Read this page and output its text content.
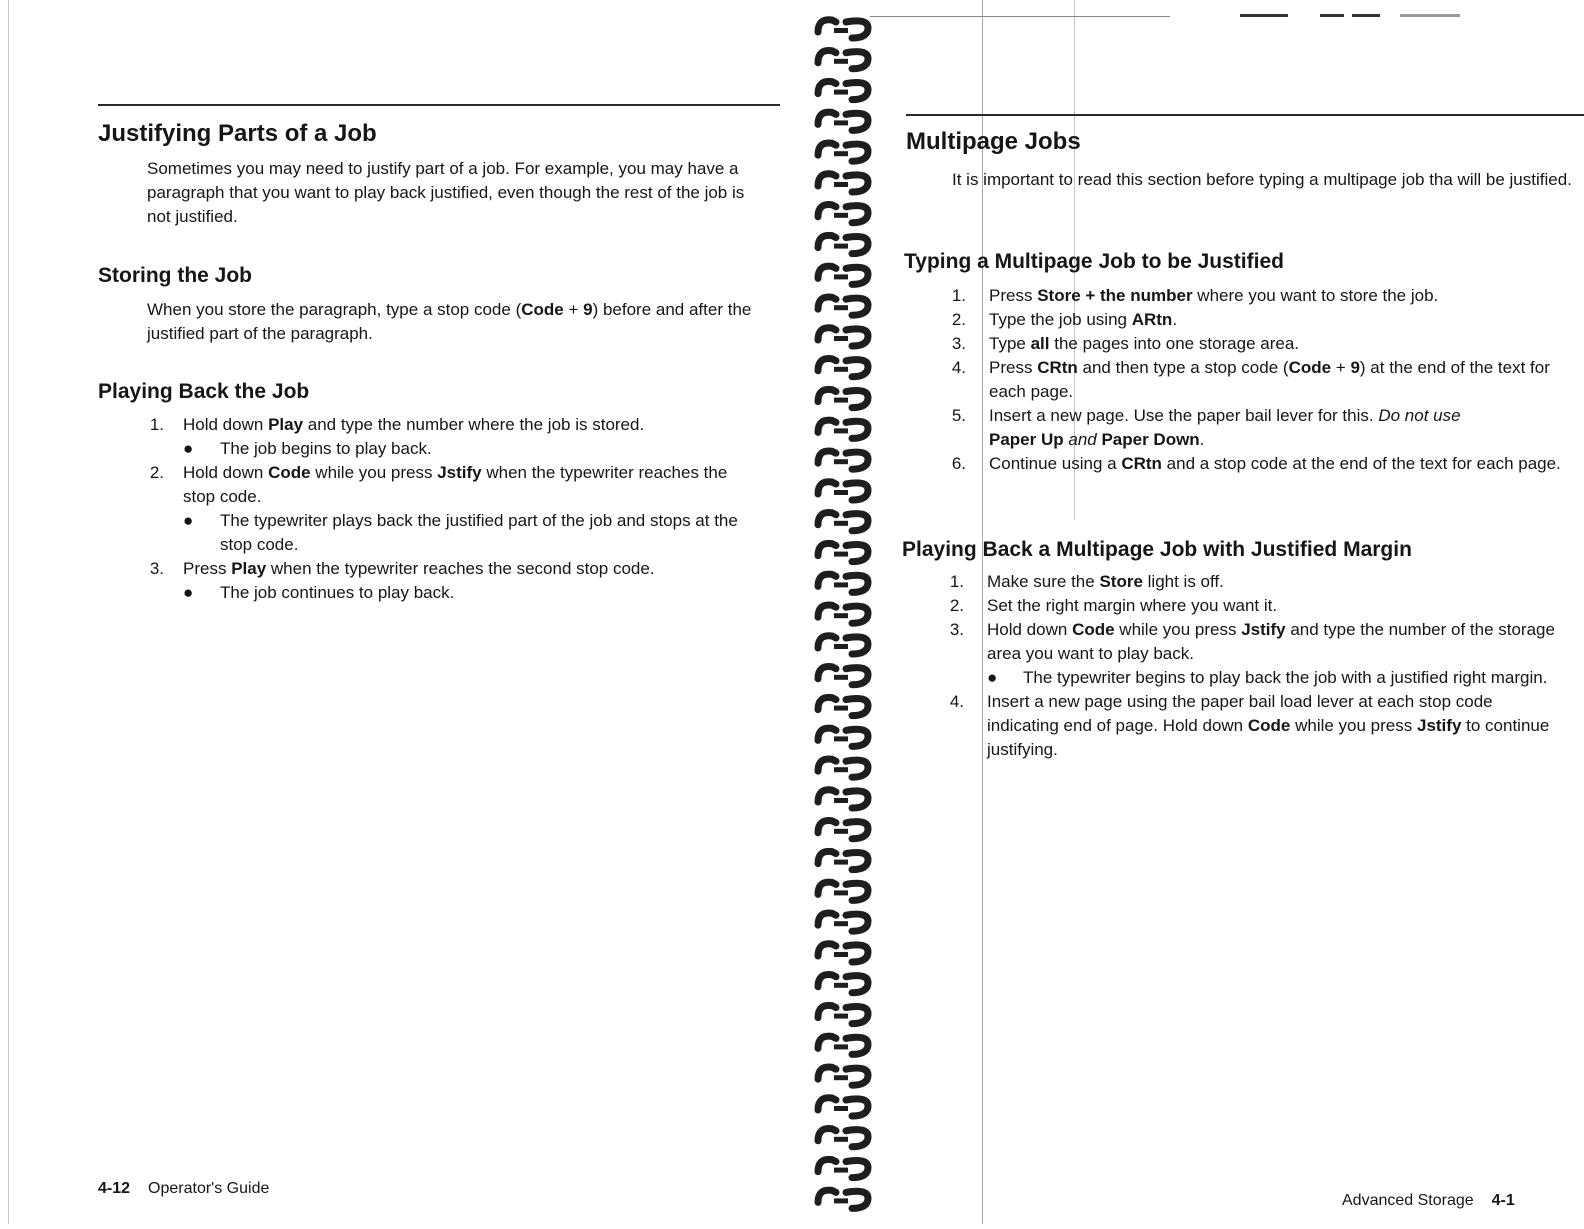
Justifying Parts of a Job

Sometimes you may need to justify part of a job. For example, you may have a paragraph that you want to play back justified, even though the rest of the job is not justified.

Storing the Job

When you store the paragraph, type a stop code (Code + 9) before and after the justified part of the paragraph.

Playing Back the Job
1. Hold down Play and type the number where the job is stored.
● The job begins to play back.
2. Hold down Code while you press Jstify when the typewriter reaches the stop code.
● The typewriter plays back the justified part of the job and stops at the stop code.
3. Press Play when the typewriter reaches the second stop code.
● The job continues to play back.
4-12 Operator's Guide
Multipage Jobs

It is important to read this section before typing a multipage job tha will be justified.

Typing a Multipage Job to be Justified
1. Press Store + the number where you want to store the job.
2. Type the job using ARtn.
3. Type all the pages into one storage area.
4. Press CRtn and then type a stop code (Code + 9) at the end of the text for each page.
5. Insert a new page. Use the paper bail lever for this. Do not use
Paper Up and Paper Down.
6. Continue using a CRtn and a stop code at the end of the text for each page.
Playing Back a Multipage Job with Justified Margin
1. Make sure the Store light is off.
2. Set the right margin where you want it.
3. Hold down Code while you press Jstify and type the number of the storage area you want to play back.
● The typewriter begins to play back the job with a justified right margin.
4. Insert a new page using the paper bail load lever at each stop code indicating end of page. Hold down Code while you press Jstify to continue justifying.
Advanced Storage 4-1
